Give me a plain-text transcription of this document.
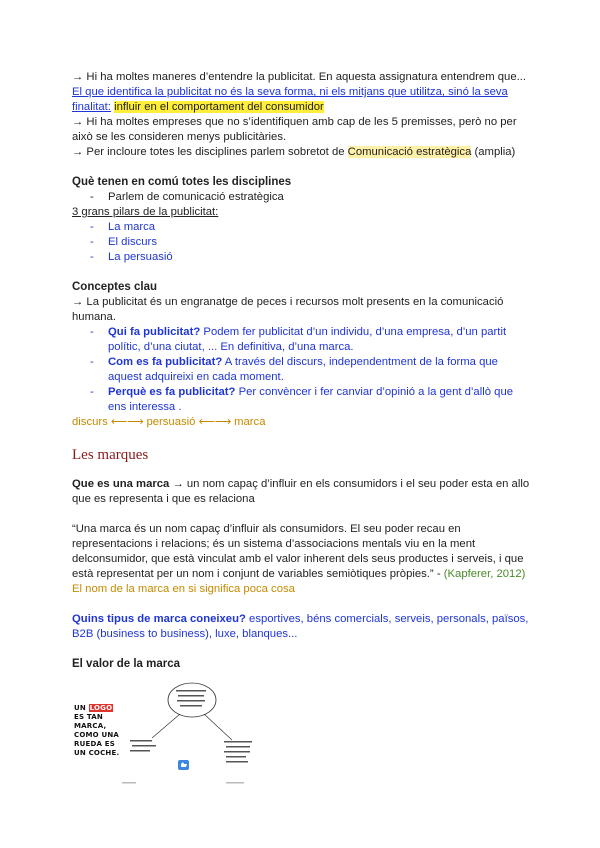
→ Hi ha moltes maneres d’entendre la publicitat. En aquesta assignatura entendrem que...

El que identifica la publicitat no és la seva forma, ni els mitjans que utilitza, sinó la seva finalitat: influir en el comportament del consumidor

→ Hi ha moltes empreses que no s’identifiquen amb cap de les 5 premisses, però no per això se les consideren menys publicitàries.

→ Per incloure totes les disciplines parlem sobretot de Comunicació estratègica (amplia)

Què tenen en comú totes les disciplines
- Parlem de comunicació estratègica

3 grans pilars de la publicitat:

- La marca
- El discurs
- La persuasió
Conceptes clau

→ La publicitat és un engranatge de peces i recursos molt presents en la comunicació humana.

- Qui fa publicitat? Podem fer publicitat d’un individu, d’una empresa, d’un partit polític, d’una ciutat, ... En definitiva, d’una marca.
- Com es fa publicitat? A través del discurs, independentment de la forma que aquest adquireixi en cada moment.
- Perquè es fa publicitat? Per convèncer i fer canviar d’opinió a la gent d’allò que ens interessa .

discurs ⟵⟶ persuasió ⟵⟶ marca

Les marques

Que es una marca → un nom capaç d’influir en els consumidors i el seu poder esta en allo que es representa i que es relaciona

“Una marca és un nom capaç d’influir als consumidors. El seu poder recau en representacions i relacions; és un sistema d’associacions mentals viu en la ment delconsumidor, que està vinculat amb el valor inherent dels seus productes i serveis, i que està representat per un nom i conjunt de variables semiòtiques pròpies.” - (Kapferer, 2012)

El nom de la marca en si significa poca cosa

Quins tipus de marca coneixeu? esportives, béns comercials, serveis, personals, països, B2B (business to business), luxe, blanques...

El valor de la marca
UN LOGO
ES TAN
MARCA,
COMO UNA
RUEDA ES
UN COCHE.
